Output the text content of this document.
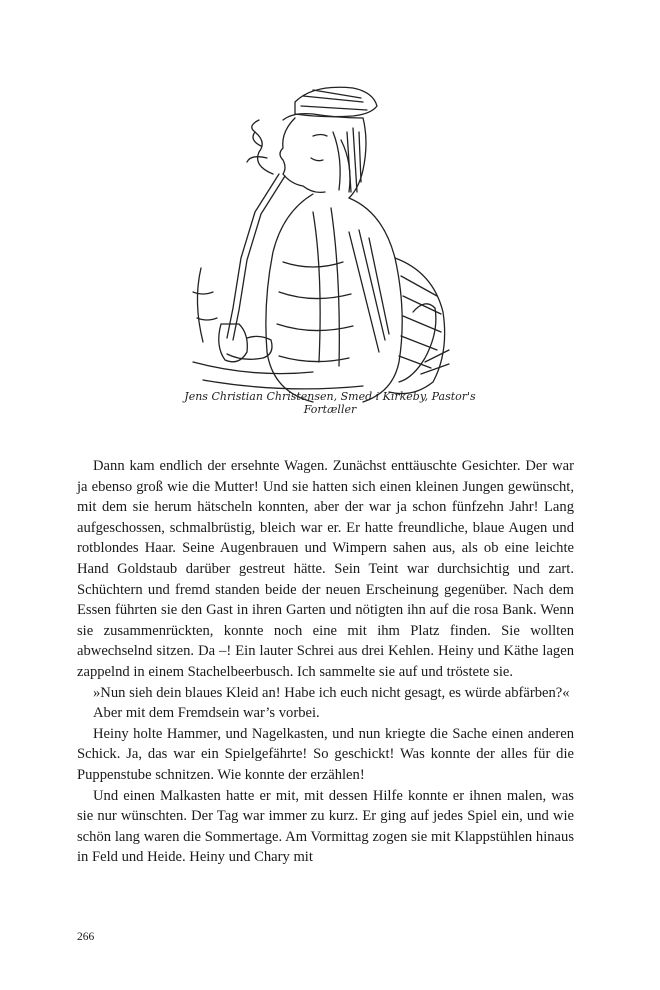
Jens Christian Christensen, Smed i Kirkeby, Pastor's Fortæller

Dann kam endlich der ersehnte Wagen. Zunächst enttäuschte Gesichter. Der war ja ebenso groß wie die Mutter! Und sie hatten sich einen kleinen Jungen gewünscht, mit dem sie herum hätscheln konnten, aber der war ja schon fünfzehn Jahr! Lang aufgeschossen, schmalbrüstig, bleich war er. Er hatte freundliche, blaue Augen und rotblondes Haar. Seine Augenbrauen und Wimpern sahen aus, als ob eine leichte Hand Goldstaub darüber gestreut hätte. Sein Teint war durchsichtig und zart. Schüchtern und fremd standen beide der neuen Erscheinung gegenüber. Nach dem Essen führten sie den Gast in ihren Garten und nötigten ihn auf die rosa Bank. Wenn sie zusammenrückten, konnte noch eine mit ihm Platz finden. Sie wollten abwechselnd sitzen. Da –! Ein lauter Schrei aus drei Kehlen. Heiny und Käthe lagen zappelnd in einem Stachelbeerbusch. Ich sammelte sie auf und tröstete sie.

»Nun sieh dein blaues Kleid an! Habe ich euch nicht gesagt, es würde abfärben?«

Aber mit dem Fremdsein war’s vorbei.

Heiny holte Hammer, und Nagelkasten, und nun kriegte die Sache einen anderen Schick. Ja, das war ein Spielgefährte! So geschickt! Was konnte der alles für die Puppenstube schnitzen. Wie konnte der erzählen!

Und einen Malkasten hatte er mit, mit dessen Hilfe konnte er ihnen malen, was sie nur wünschten. Der Tag war immer zu kurz. Er ging auf jedes Spiel ein, und wie schön lang waren die Sommertage. Am Vormittag zogen sie mit Klappstühlen hinaus in Feld und Heide. Heiny und Chary mit

266
